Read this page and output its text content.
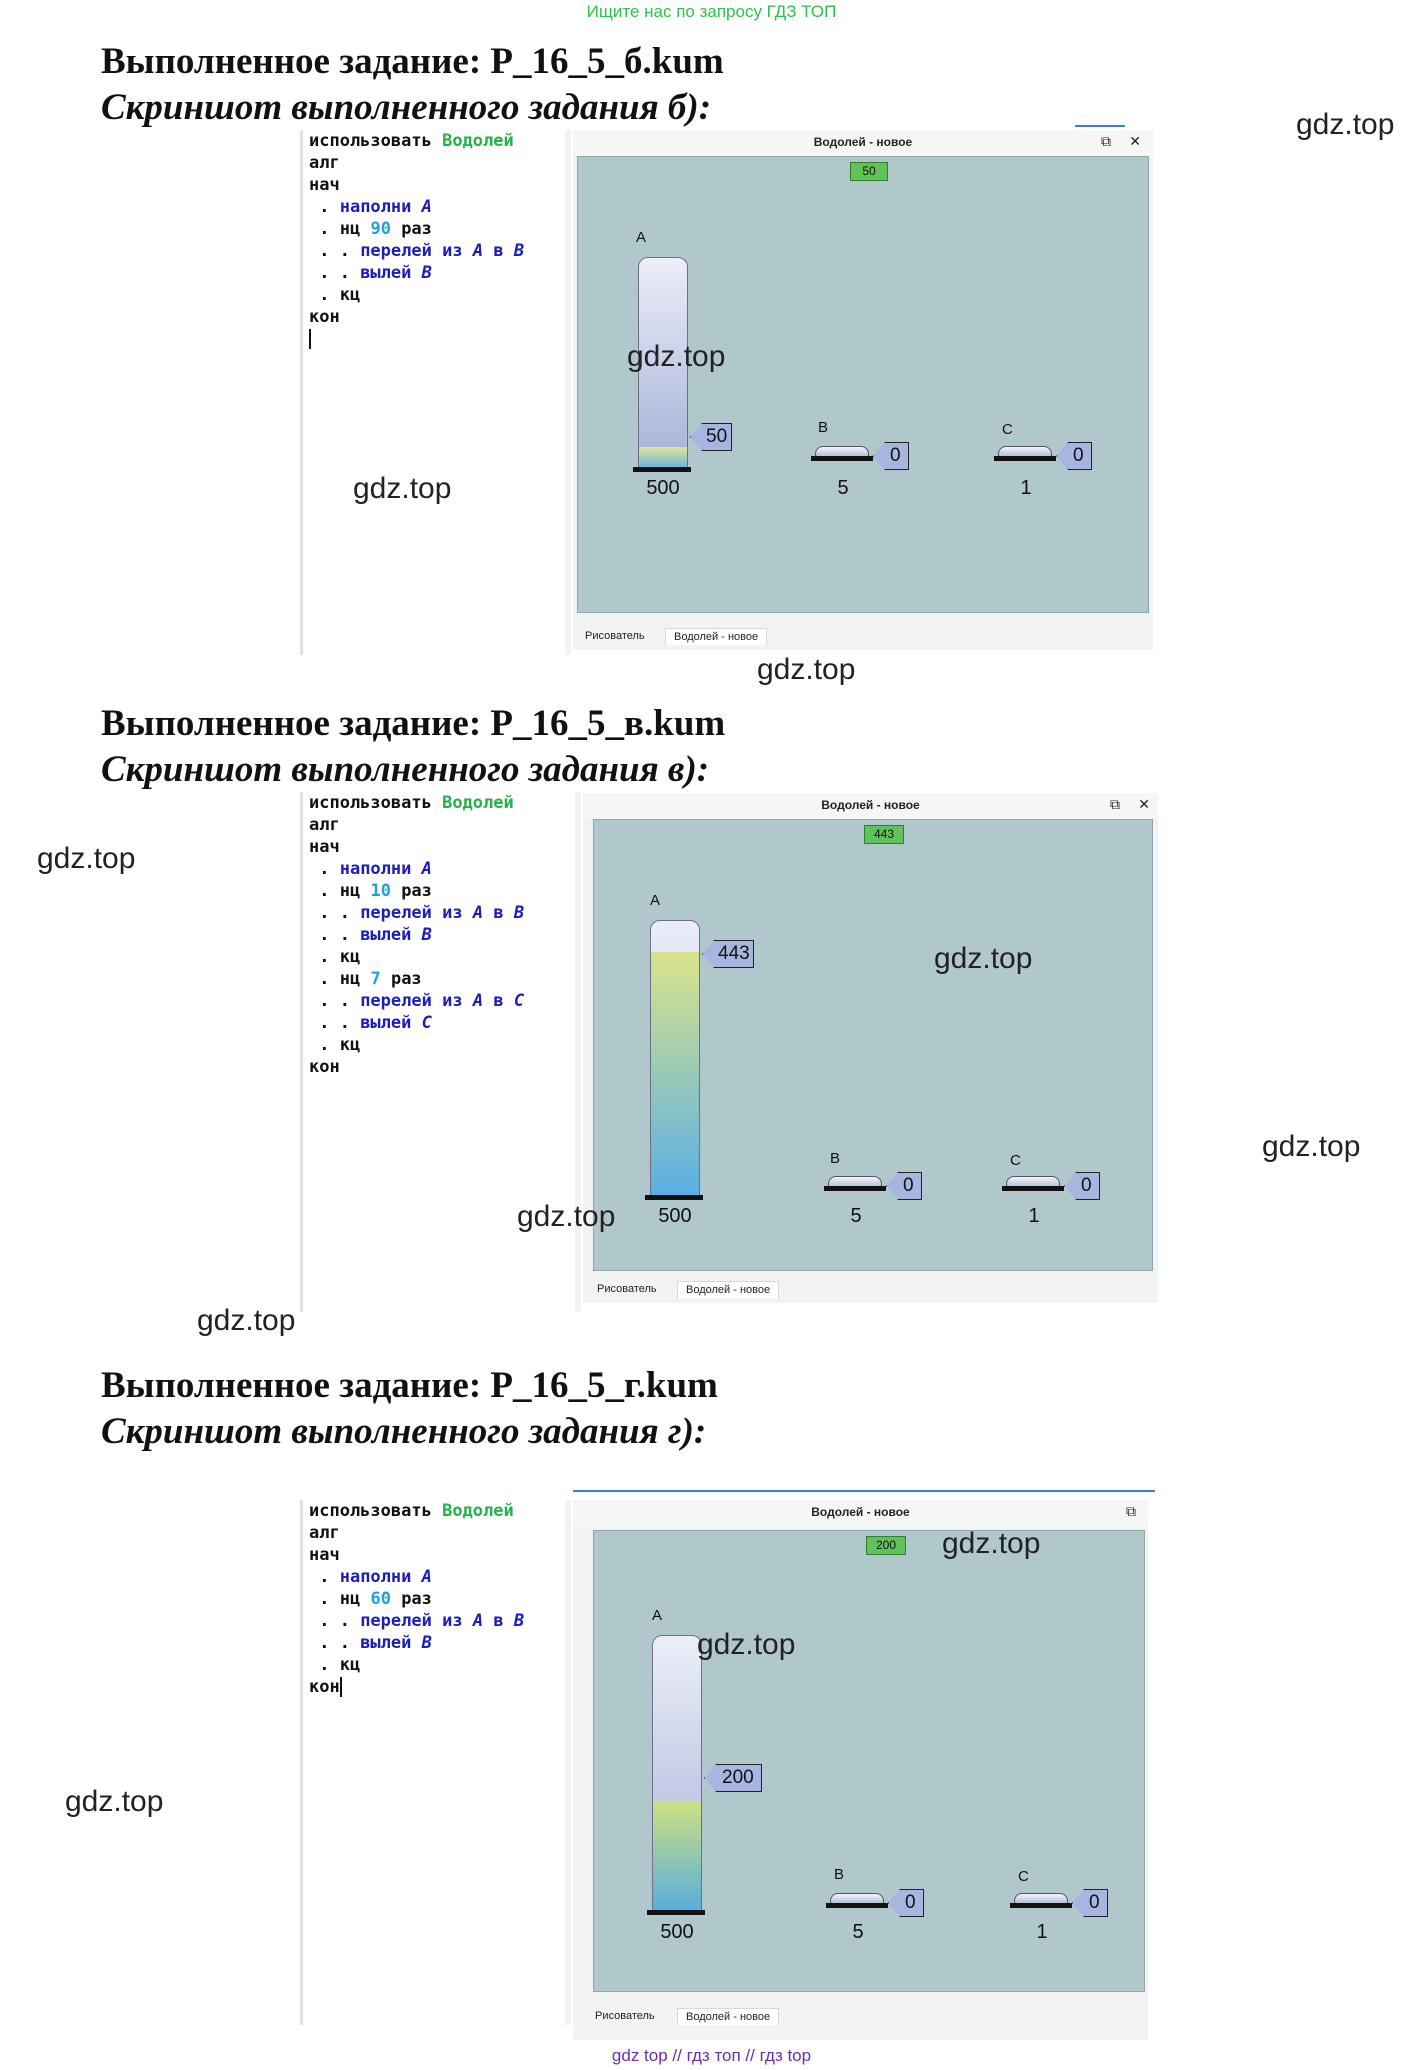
Ищите нас по запросу ГДЗ ТОП
Выполненное задание: Р_16_5_б.kum
Скриншот выполненного задания б):
использовать Водолей
алг
нач
. наполни A
. нц 90 раз
. . перелей из A в B
. . вылей B
. кц
кон
Водолей - новое	⧉ ✕
50
A
50
500
B
0
5
C
0
1
Рисователь	Водолей - новое
Выполненное задание: Р_16_5_в.kum
Скриншот выполненного задания в):
использовать Водолей
алг
нач
. наполни A
. нц 10 раз
. . перелей из A в B
. . вылей B
. кц
. нц 7 раз
. . перелей из A в C
. . вылей C
. кц
кон
Водолей - новое	⧉ ✕
443
A
443
500
B
0
5
C
0
1
Рисователь	Водолей - новое
Выполненное задание: Р_16_5_г.kum
Скриншот выполненного задания г):
использовать Водолей
алг
нач
. наполни A
. нц 60 раз
. . перелей из A в B
. . вылей B
. кц
кон
Водолей - новое	⧉
200
A
200
500
B
0
5
C
0
1
Рисователь	Водолей - новое
gdz.top
gdz.top
gdz.top
gdz.top
gdz.top
gdz.top
gdz.top
gdz.top
gdz.top
gdz.top
gdz.top
gdz.top
gdz top // гдз топ // гдз top
